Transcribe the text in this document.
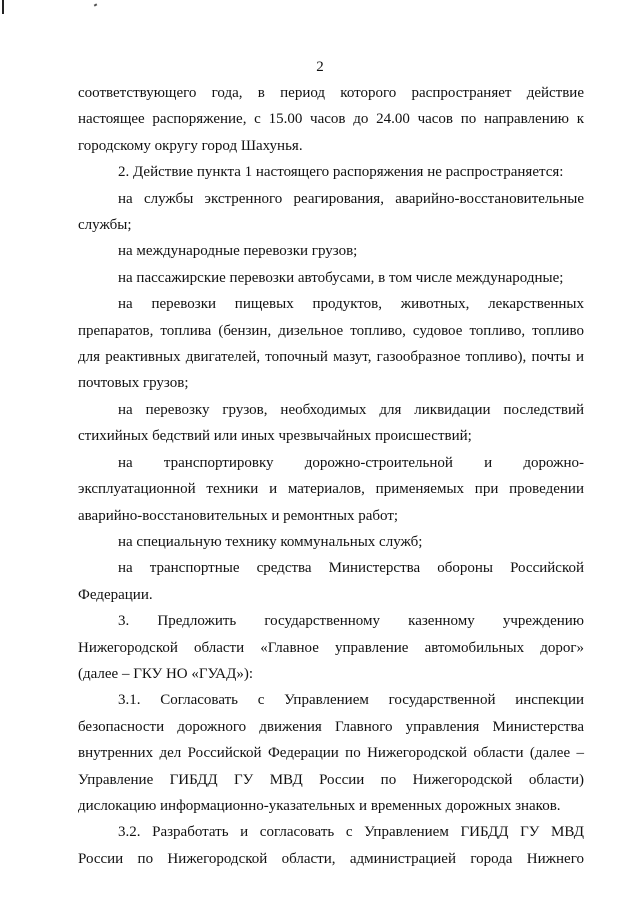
2
соответствующего года, в период которого распространяет действие
настоящее распоряжение, с 15.00 часов до 24.00 часов по направлению к
городскому округу город Шахунья.
2. Действие пункта 1 настоящего распоряжения не распространяется:
на службы экстренного реагирования, аварийно-восстановительные
службы;
на международные перевозки грузов;
на пассажирские перевозки автобусами, в том числе международные;
на перевозки пищевых продуктов, животных, лекарственных
препаратов, топлива (бензин, дизельное топливо, судовое топливо, топливо
для реактивных двигателей, топочный мазут, газообразное топливо), почты и
почтовых грузов;
на перевозку грузов, необходимых для ликвидации последствий
стихийных бедствий или иных чрезвычайных происшествий;
на транспортировку дорожно-строительной и дорожно-
эксплуатационной техники и материалов, применяемых при проведении
аварийно-восстановительных и ремонтных работ;
на специальную технику коммунальных служб;
на транспортные средства Министерства обороны Российской
Федерации.
3. Предложить государственному казенному учреждению
Нижегородской области «Главное управление автомобильных дорог»
(далее – ГКУ НО «ГУАД»):
3.1. Согласовать с Управлением государственной инспекции
безопасности дорожного движения Главного управления Министерства
внутренних дел Российской Федерации по Нижегородской области (далее –
Управление ГИБДД ГУ МВД России по Нижегородской области)
дислокацию информационно-указательных и временных дорожных знаков.
3.2. Разработать и согласовать с Управлением ГИБДД ГУ МВД
России по Нижегородской области, администрацией города Нижнего
